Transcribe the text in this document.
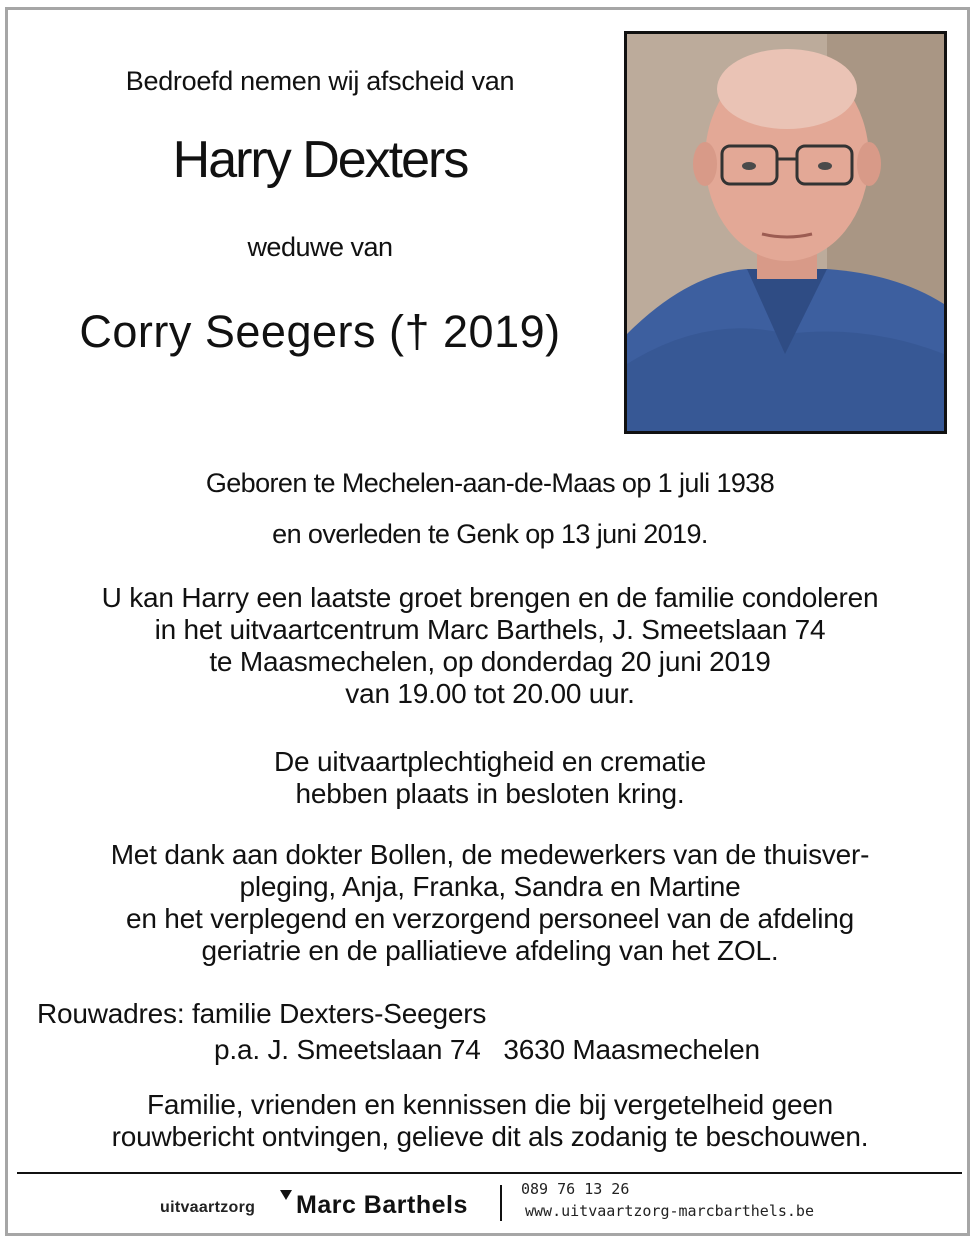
Bedroefd nemen wij afscheid van
Harry Dexters
weduwe van
Corry Seegers († 2019)
Geboren te Mechelen-aan-de-Maas op 1 juli 1938
en overleden te Genk op 13 juni 2019.
U kan Harry een laatste groet brengen en de familie condoleren
in het uitvaartcentrum Marc Barthels, J. Smeetslaan 74
te Maasmechelen, op donderdag 20 juni 2019
van 19.00 tot 20.00 uur.
De uitvaartplechtigheid en crematie
hebben plaats in besloten kring.
Met dank aan dokter Bollen, de medewerkers van de thuisver-
pleging, Anja, Franka, Sandra en Martine
en het verplegend en verzorgend personeel van de afdeling
geriatrie en de palliatieve afdeling van het ZOL.
Rouwadres: familie Dexters-Seegers
p.a. J. Smeetslaan 74   3630 Maasmechelen
Familie, vrienden en kennissen die bij vergetelheid geen
rouwbericht ontvingen, gelieve dit als zodanig te beschouwen.
uitvaartzorg Marc Barthels
089 76 13 26
www.uitvaartzorg-marcbarthels.be
